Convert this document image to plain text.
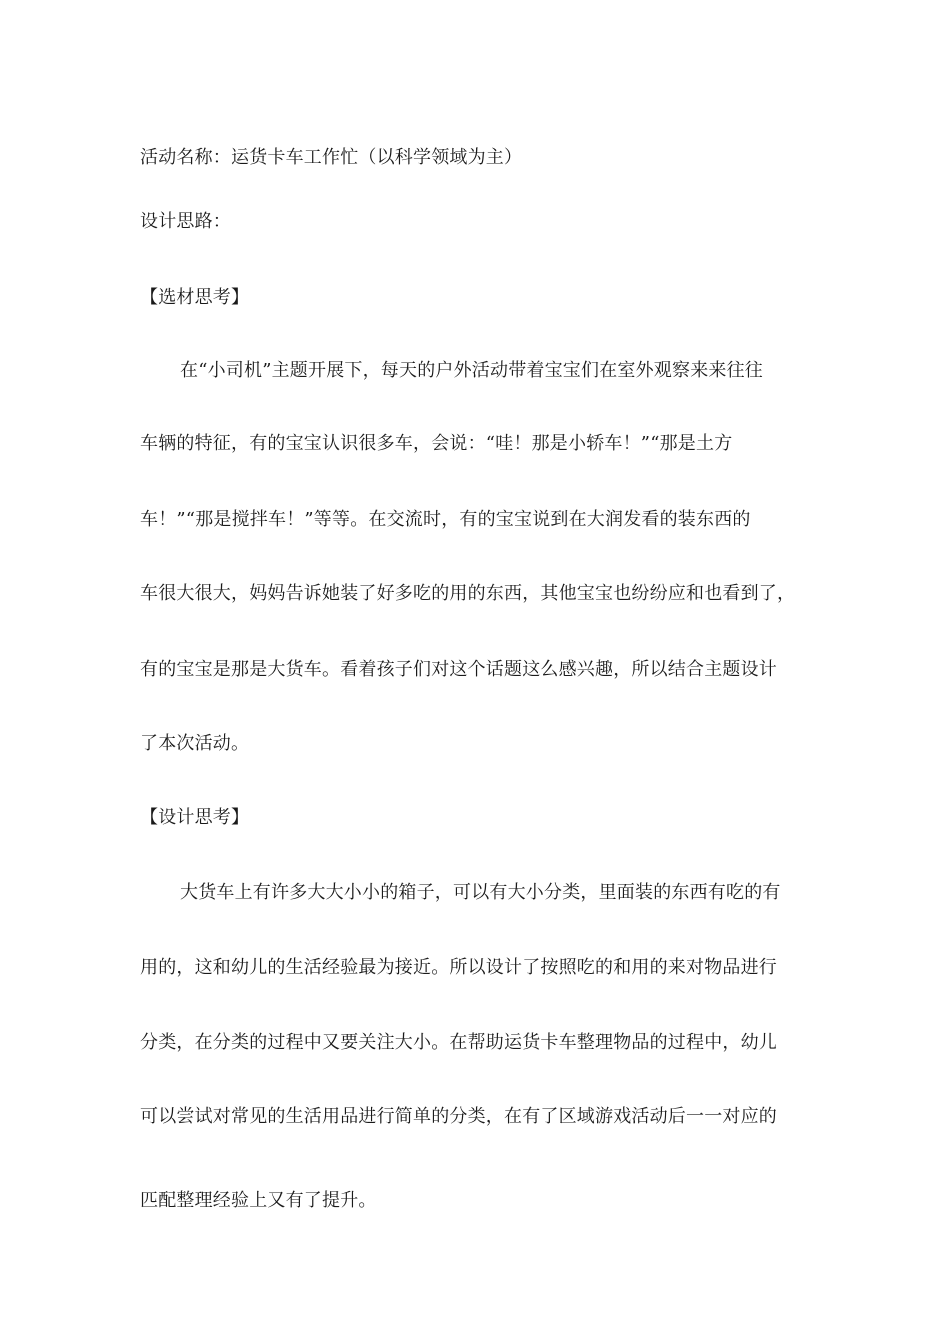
活动名称：运货卡车工作忙（以科学领域为主）
设计思路：
【选材思考】
在“小司机”主题开展下，每天的户外活动带着宝宝们在室外观察来来往往
车辆的特征，有的宝宝认识很多车，会说：“哇！那是小轿车！”“那是土方
车！”“那是搅拌车！”等等。在交流时，有的宝宝说到在大润发看的装东西的
车很大很大，妈妈告诉她装了好多吃的用的东西，其他宝宝也纷纷应和也看到了，
有的宝宝是那是大货车。看着孩子们对这个话题这么感兴趣，所以结合主题设计
了本次活动。
【设计思考】
大货车上有许多大大小小的箱子，可以有大小分类，里面装的东西有吃的有
用的，这和幼儿的生活经验最为接近。所以设计了按照吃的和用的来对物品进行
分类，在分类的过程中又要关注大小。在帮助运货卡车整理物品的过程中，幼儿
可以尝试对常见的生活用品进行简单的分类，在有了区域游戏活动后一一对应的
匹配整理经验上又有了提升。
